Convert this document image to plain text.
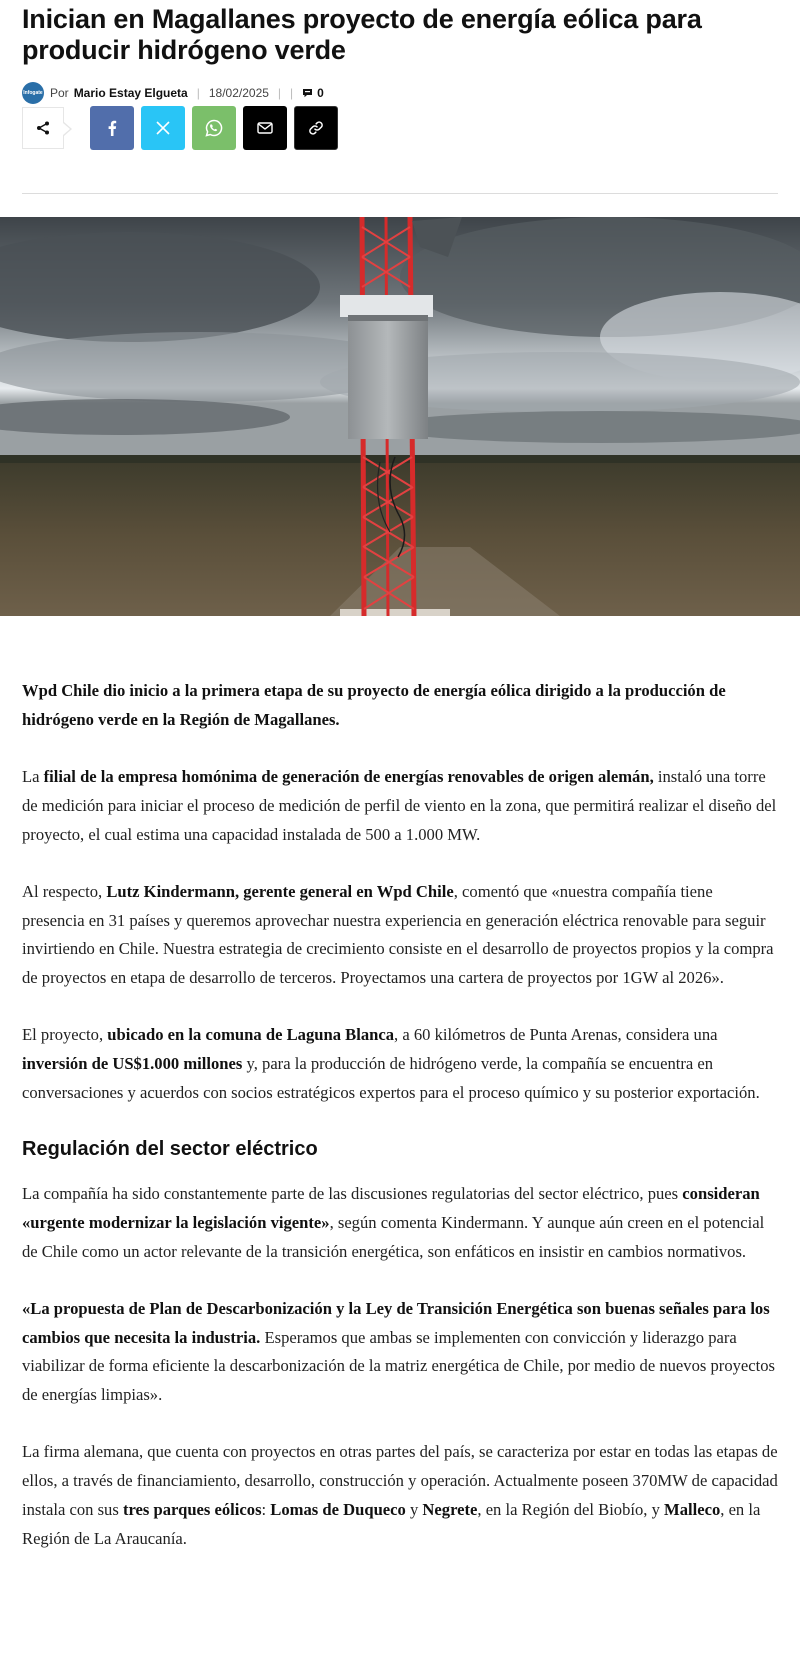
Inician en Magallanes proyecto de energía eólica para producir hidrógeno verde
Infogate Por Mario Estay Elgueta | 18/02/2025 | | 0

Wpd Chile dio inicio a la primera etapa de su proyecto de energía eólica dirigido a la producción de hidrógeno verde en la Región de Magallanes.

La filial de la empresa homónima de generación de energías renovables de origen alemán, instaló una torre de medición para iniciar el proceso de medición de perfil de viento en la zona, que permitirá realizar el diseño del proyecto, el cual estima una capacidad instalada de 500 a 1.000 MW.

Al respecto, Lutz Kindermann, gerente general en Wpd Chile, comentó que «nuestra compañía tiene presencia en 31 países y queremos aprovechar nuestra experiencia en generación eléctrica renovable para seguir invirtiendo en Chile. Nuestra estrategia de crecimiento consiste en el desarrollo de proyectos propios y la compra de proyectos en etapa de desarrollo de terceros. Proyectamos una cartera de proyectos por 1GW al 2026».

El proyecto, ubicado en la comuna de Laguna Blanca, a 60 kilómetros de Punta Arenas, considera una inversión de US$1.000 millones y, para la producción de hidrógeno verde, la compañía se encuentra en conversaciones y acuerdos con socios estratégicos expertos para el proceso químico y su posterior exportación.

Regulación del sector eléctrico

La compañía ha sido constantemente parte de las discusiones regulatorias del sector eléctrico, pues consideran «urgente modernizar la legislación vigente», según comenta Kindermann. Y aunque aún creen en el potencial de Chile como un actor relevante de la transición energética, son enfáticos en insistir en cambios normativos.

«La propuesta de Plan de Descarbonización y la Ley de Transición Energética son buenas señales para los cambios que necesita la industria. Esperamos que ambas se implementen con convicción y liderazgo para viabilizar de forma eficiente la descarbonización de la matriz energética de Chile, por medio de nuevos proyectos de energías limpias».

La firma alemana, que cuenta con proyectos en otras partes del país, se caracteriza por estar en todas las etapas de ellos, a través de financiamiento, desarrollo, construcción y operación. Actualmente poseen 370MW de capacidad instala con sus tres parques eólicos: Lomas de Duqueco y Negrete, en la Región del Biobío, y Malleco, en la Región de La Araucanía.
